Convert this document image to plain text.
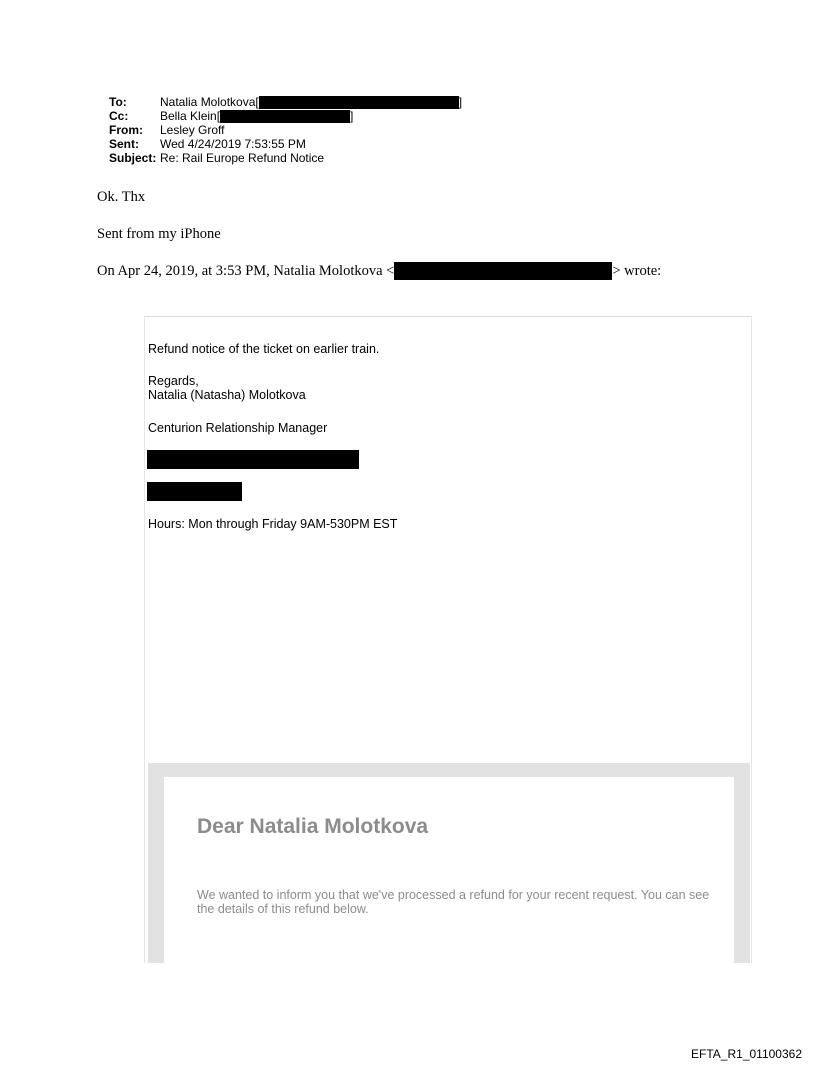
To:	Natalia Molotkova [	]
Cc:	Bella Klein [	]
From:	Lesley Groff
Sent:	Wed 4/24/2019 7:53:55 PM
Subject: Re: Rail Europe Refund Notice
Ok. Thx
Sent from my iPhone
On Apr 24, 2019, at 3:53 PM, Natalia Molotkova <	> wrote:
Refund notice of the ticket on earlier train.
Regards,
Natalia (Natasha) Molotkova
Centurion Relationship Manager
Hours: Mon through Friday 9AM-530PM EST
Dear Natalia Molotkova
We wanted to inform you that we've processed a refund for your recent request. You can see the details of this refund below.
EFTA_R1_01100362
